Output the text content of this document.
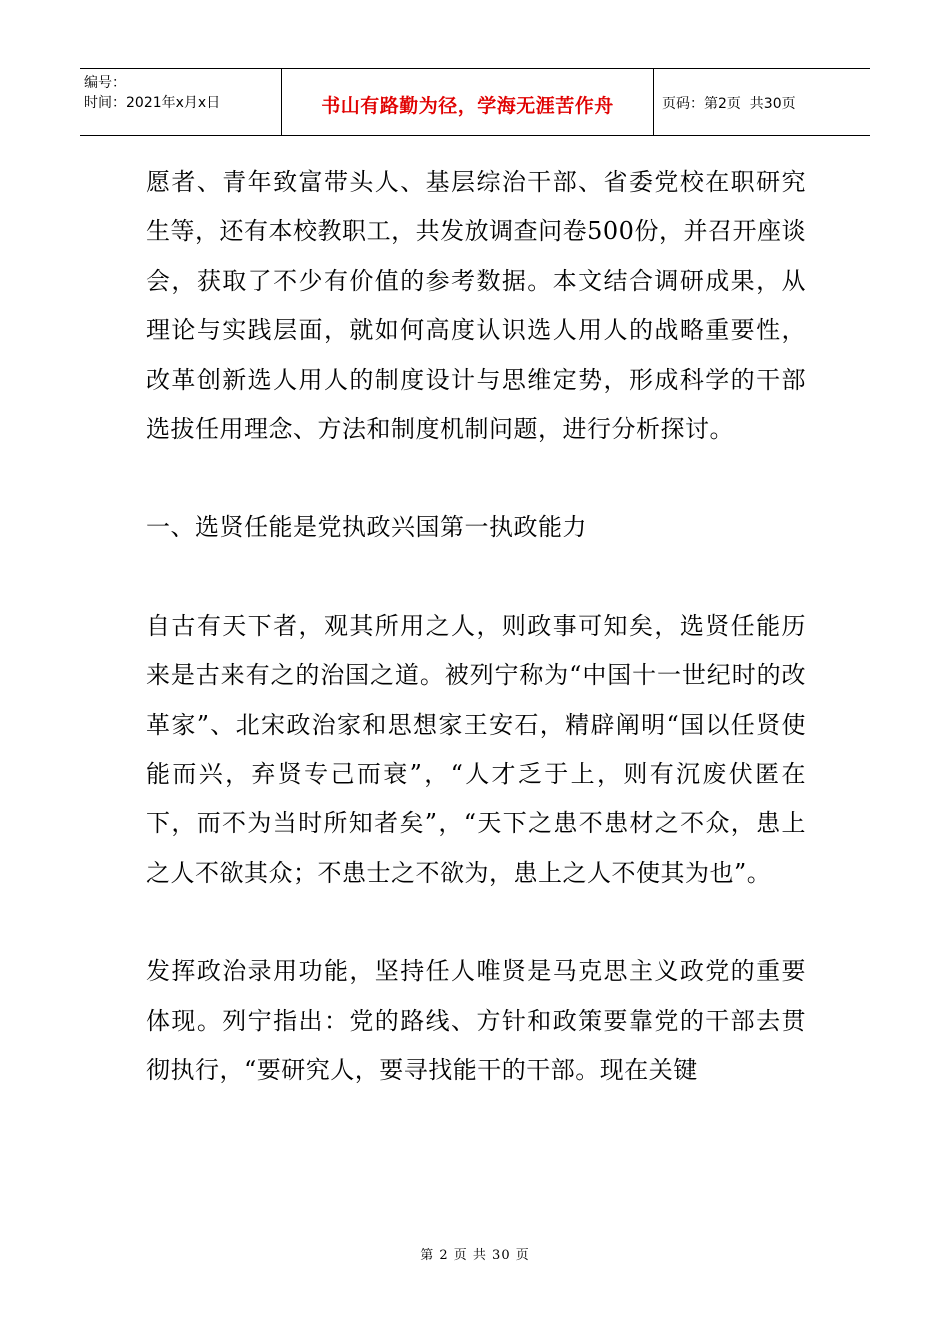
编号：
时间：2021年x月x日	书山有路勤为径，学海无涯苦作舟	页码：第2页  共30页

愿者、青年致富带头人、基层综治干部、省委党校在职研究生等，还有本校教职工，共发放调查问卷500份，并召开座谈会，获取了不少有价值的参考数据。本文结合调研成果，从理论与实践层面，就如何高度认识选人用人的战略重要性，改革创新选人用人的制度设计与思维定势，形成科学的干部选拔任用理念、方法和制度机制问题，进行分析探讨。

一、选贤任能是党执政兴国第一执政能力

自古有天下者，观其所用之人，则政事可知矣，选贤任能历来是古来有之的治国之道。被列宁称为“中国十一世纪时的改革家”、北宋政治家和思想家王安石，精辟阐明“国以任贤使能而兴，弃贤专己而衰”，“人才乏于上，则有沉废伏匿在下，而不为当时所知者矣”，“天下之患不患材之不众，患上之人不欲其众；不患士之不欲为，患上之人不使其为也”。

发挥政治录用功能，坚持任人唯贤是马克思主义政党的重要体现。列宁指出：党的路线、方针和政策要靠党的干部去贯彻执行，“要研究人，要寻找能干的干部。现在关键

第 2 页 共 30 页
